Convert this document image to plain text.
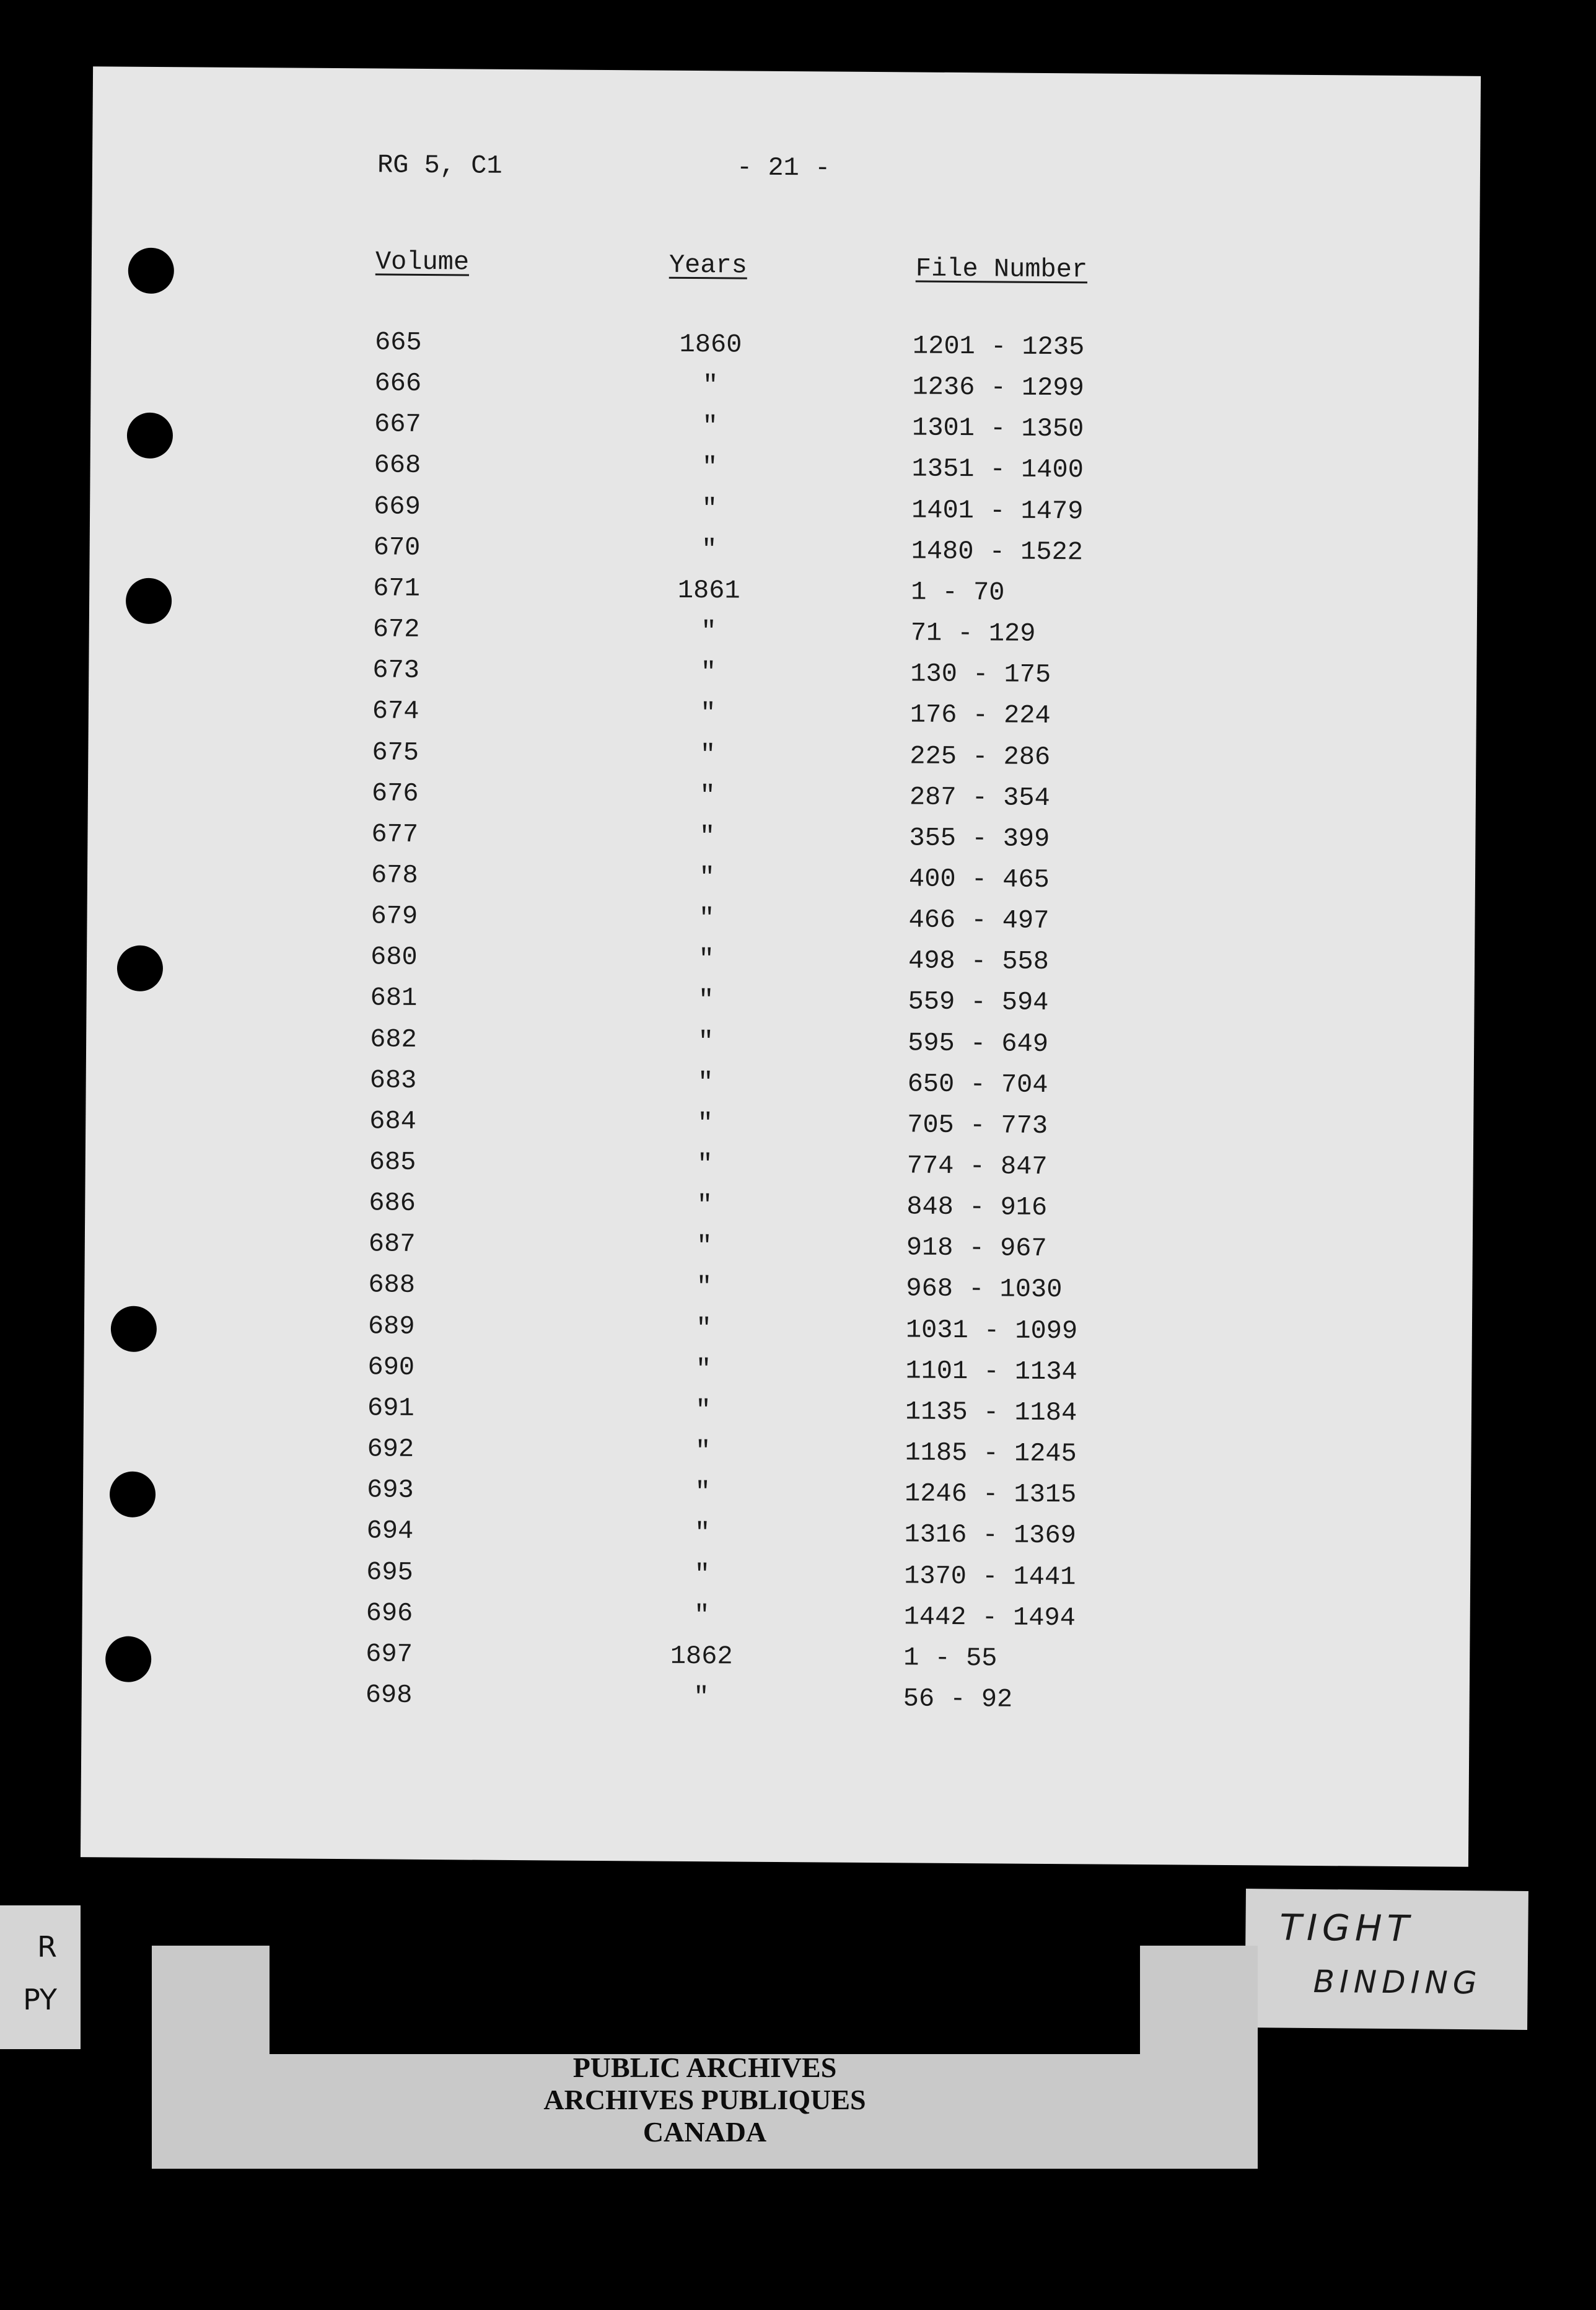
RG 5, C1	- 21 -
Volume	Years	File Number
665	1860	1201 - 1235
666	"	1236 - 1299
667	"	1301 - 1350
668	"	1351 - 1400
669	"	1401 - 1479
670	"	1480 - 1522
671	1861	1 - 70
672	"	71 - 129
673	"	130 - 175
674	"	176 - 224
675	"	225 - 286
676	"	287 - 354
677	"	355 - 399
678	"	400 - 465
679	"	466 - 497
680	"	498 - 558
681	"	559 - 594
682	"	595 - 649
683	"	650 - 704
684	"	705 - 773
685	"	774 - 847
686	"	848 - 916
687	"	918 - 967
688	"	968 - 1030
689	"	1031 - 1099
690	"	1101 - 1134
691	"	1135 - 1184
692	"	1185 - 1245
693	"	1246 - 1315
694	"	1316 - 1369
695	"	1370 - 1441
696	"	1442 - 1494
697	1862	1 - 55
698	"	56 - 92
R
PY
TIGHT
BINDING
PUBLIC ARCHIVES
ARCHIVES PUBLIQUES
CANADA
